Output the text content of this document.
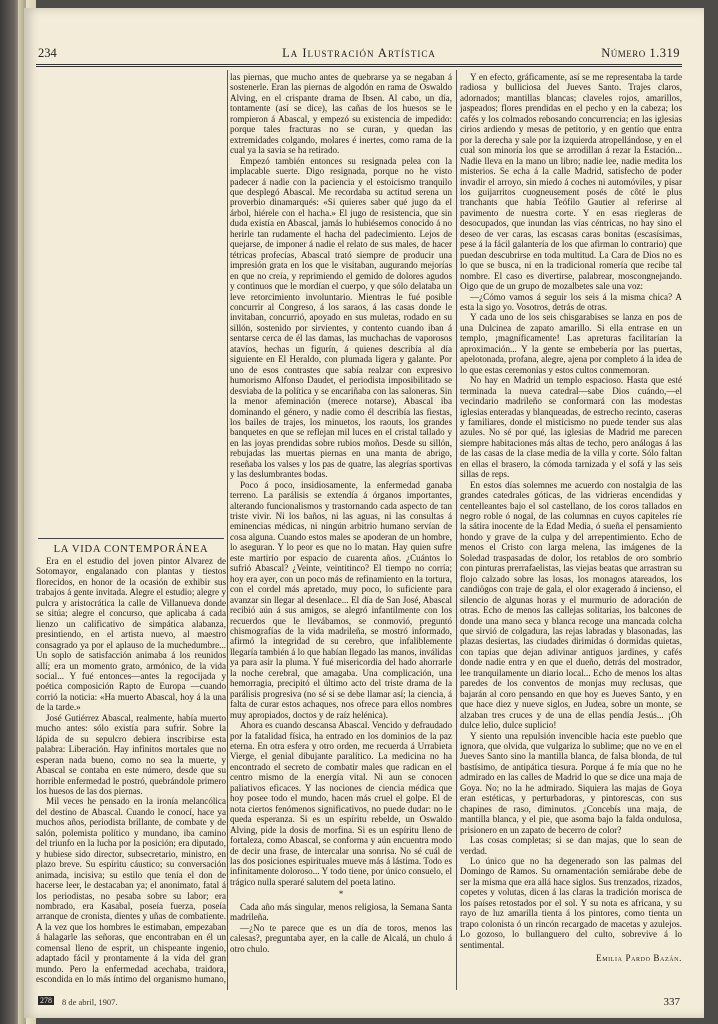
234	La Ilustración Artística	Número 1.319
LA VIDA CONTEMPORÁNEA

Era en el estudio del joven pintor Alvarez de Sotomayor, engalanado con plantas y tiestos florecidos, en honor de la ocasión de exhibir sus trabajos á gente invitada. Alegre el estudio; alegre y pulcra y aristocrática la calle de Villanueva donde se sitúa; alegre el concurso, que aplicaba á cada lienzo un calificativo de simpática alabanza, presintiendo, en el artista nuevo, al maestro consagrado ya por el aplauso de la muchedumbre... Un soplo de satisfacción animaba á los reunidos allí; era un momento grato, armónico, de la vida social... Y fué entonces—antes la regocijada y poética composición Rapto de Europa —cuando corrió la noticia: «Ha muerto Abascal, hoy á la una de la tarde.»

José Gutiérrez Abascal, realmente, había muerto mucho antes: sólo existía para sufrir. Sobre la lápida de su sepulcro debiera inscribirse esta palabra: Liberación. Hay infinitos mortales que no esperan nada bueno, como no sea la muerte, y Abascal se contaba en este número, desde que su horrible enfermedad le postró, quebrándole primero los huesos de las dos piernas.

Mil veces he pensado en la ironía melancólica del destino de Abascal. Cuando le conocí, hace ya muchos años, periodista brillante, de combate y de salón, polemista político y mundano, iba camino del triunfo en la lucha por la posición; era diputado, y hubiese sido director, subsecretario, ministro, en plazo breve. Su espíritu cáustico; su conversación animada, incisiva; su estilo que tenía el don de hacerse leer, le destacaban ya; el anonimato, fatal á los periodistas, no pesaba sobre su labor; era nombrado, era Kasabal, poseía fuerza, poseía arranque de cronista, dientes y uñas de combatiente. A la vez que los hombres le estimaban, empezaban á halagarle las señoras, que encontraban en él un comensal lleno de esprit, un chispeante ingenio, adaptado fácil y prontamente á la vida del gran mundo. Pero la enfermedad acechaba, traidora, escondida en lo más íntimo del organismo humano,

las piernas, que mucho antes de quebrarse ya se negaban á sostenerle. Eran las piernas de algodón en rama de Oswaldo Alving, en el crispante drama de Ibsen. Al cabo, un día, tontamente (así se dice), las cañas de los huesos se le rompieron á Abascal, y empezó su existencia de impedido: porque tales fracturas no se curan, y quedan las extremidades colgando, molares é inertes, como rama de la cual ya la savia se ha retirado.

Empezó también entonces su resignada pelea con la implacable suerte. Digo resignada, porque no he visto padecer á nadie con la paciencia y el estoicismo tranquilo que desplegó Abascal. Me recordaba su actitud serena un proverbio dinamarqués: «Si quieres saber qué jugo da el árbol, hiérele con el hacha.» El jugo de resistencia, que sin duda existía en Abascal, jamás lo hubiésemos conocido á no herirle tan rudamente el hacha del padecimiento. Lejos de quejarse, de imponer á nadie el relato de sus males, de hacer tétricas profecías, Abascal trató siempre de producir una impresión grata en los que le visitaban, augurando mejorías en que no creía, y reprimiendo el gemido de dolores agudos y continuos que le mordían el cuerpo, y que sólo delataba un leve retorcimiento involuntario. Mientras le fué posible concurrir al Congreso, á los saraos, á las casas donde le invitaban, concurrió, apoyado en sus muletas, rodado en su sillón, sostenido por sirvientes, y contento cuando iban á sentarse cerca de él las damas, las muchachas de vaporosos atavíos, hechas un figurín, á quienes describía al día siguiente en El Heraldo, con plumada ligera y galante. Por uno de esos contrastes que sabía realzar con expresivo humorismo Alfonso Daudet, el periodista imposibilitado se desviaba de la política y se encariñaba con las saloneras. Sin la menor afeminación (merece notarse), Abascal iba dominando el género, y nadie como él describía las fiestas, los bailes de trajes, los minuetos, los raouts, los grandes banquetes en que se reflejan mil luces en el cristal tallado y en las joyas prendidas sobre rubios moños. Desde su sillón, rebujadas las muertas piernas en una manta de abrigo, reseñaba los valses y los pas de quatre, las alegrías sportivas y las deslumbrantes bodas.

Poco á poco, insidiosamente, la enfermedad ganaba terreno. La parálisis se extendía á órganos importantes, alterando funcionalismos y trastornando cada aspecto de tan triste vivir. Ni los baños, ni las aguas, ni las consultas á eminencias médicas, ni ningún arbitrio humano servían de cosa alguna. Cuando estos males se apoderan de un hombre, lo aseguran. Y lo peor es que no lo matan. Hay quien sufre este martirio por espacio de cuarenta años. ¿Cuántos lo sufrió Abascal? ¿Veinte, veintitinco? El tiempo no corría; hoy era ayer, con un poco más de refinamiento en la tortura, con el cordel más apretado, muy poco, lo suficiente para avanzar sin llegar al desenlace... El día de San José, Abascal recibió aún á sus amigos, se alegró infantilmente con los recuerdos que le llevábamos, se conmovió, preguntó chismografías de la vida madrileña, se mostró informado, afirmó la integridad de su cerebro, que infaliblemente llegaría también á lo que habían llegado las manos, inválidas ya para asir la pluma. Y fué misericordia del hado ahorrarle la noche cerebral, que amagaba. Una complicación, una hemorragia, precipitó el último acto del triste drama de la parálisis progresiva (no sé si se debe llamar así; la ciencia, á falta de curar estos achaques, nos ofrece para ellos nombres muy apropiados, doctos y de raíz helénica).

Ahora es cuando descansa Abascal. Vencido y defraudado por la fatalidad física, ha entrado en los dominios de la paz eterna. En otra esfera y otro orden, me recuerda á Urrabieta Vierge, el genial dibujante paralítico. La medicina no ha encontrado el secreto de combatir males que radican en el centro mismo de la energía vital. Ni aun se conocen paliativos eficaces. Y las nociones de ciencia médica que hoy posee todo el mundo, hacen más cruel el golpe. El de nota ciertos fenómenos significativos, no puede dudar: no le queda esperanza. Si es un espíritu rebelde, un Oswaldo Alving, pide la dosis de morfina. Si es un espíritu lleno de fortaleza, como Abascal, se conforma y aún encuentra modo de decir una frase, de intercalar una sonrisa. No sé cuál de las dos posiciones espirituales mueve más á lástima. Todo es infinitamente doloroso... Y todo tiene, por único consuelo, el trágico nulla speraré salutem del poeta latino.

*

Cada año más singular, menos religiosa, la Semana Santa madrileña.

—¿No te parece que es un día de toros, menos las calesas?, preguntaba ayer, en la calle de Alcalá, un chulo á otro chulo.

Y en efecto, gráficamente, así se me representaba la tarde radiosa y bulliciosa del Jueves Santo. Trajes claros, adornados; mantillas blancas; claveles rojos, amarillos, jaspeados; flores prendidas en el pecho y en la cabeza; los cafés y los colmados rebosando concurrencia; en las iglesias cirios ardiendo y mesas de petitorio, y en gentío que entra por la derecha y sale por la izquierda atropellándose, y en el cual son minoría los que se arrodillan á rezar la Estación... Nadie lleva en la mano un libro; nadie lee, nadie medita los misterios. Se echa á la calle Madrid, satisfecho de poder invadir el arroyo, sin miedo á coches ni automóviles, y pisar los guijarritos cuogneusement posés de côté le plus tranchants que había Teófilo Gautier al referirse al pavimento de nuestra corte. Y en esas riegleras de desocupados, que inundan las vías céntricas, no hay sino el deseo de ver caras, las escasas caras bonitas (escasísimas, pese á la fácil galantería de los que afirman lo contrario) que puedan descubrirse en toda multitud. La Cara de Dios no es lo que se busca, ni en la tradicional romería que recibe tal nombre. El caso es divertirse, palabrear, moscongnejando. Oigo que de un grupo de mozalbetes sale una voz:

—¿Cómo vamos á seguir los seis á la misma chica? A esta la sigo yo. Vosotros, detrás de otras.

Y cada uno de los seis chisgarabises se lanza en pos de una Dulcinea de zapato amarillo. Si ella entrase en un templo, ¡magníficamente! Las apreturas facilitarían la aproximación... Y la gente se embebería por las puertas, apelotonada, profana, alegre, ajena por completo á la idea de lo que estas ceremonias y estos cultos conmemoran.

No hay en Madrid un templo espacioso. Hasta que esté terminada la nueva catedral—sabe Dios cuándo,—el vecindario madrileño se conformará con las modestas iglesias enteradas y blanqueadas, de estrecho recinto, caseras y familiares, donde el misticismo no puede tender sus alas azules. No sé por qué, las iglesias de Madrid me parecen siempre habitaciones más altas de techo, pero análogas á las de las casas de la clase media de la villa y corte. Sólo faltan en ellas el brasero, la cómoda tarnizada y el sofá y las seis sillas de reps.

En estos días solemnes me acuerdo con nostalgia de las grandes catedrales góticas, de las vidrieras encendidas y centelleantes bajo el sol castellano, de los coros tallados en negro roble ó nogal, de las columnas en cuyos capiteles ríe la sátira inocente de la Edad Media, ó sueña el pensamiento hondo y grave de la culpa y del arrepentimiento. Echo de menos el Cristo con larga melena, las imágenes de la Soledad traspasadas de dolor, los retablos de oro sombrío con pinturas prerrafaelistas, las viejas beatas que arrastran su flojo calzado sobre las losas, los monagos atareados, los candiögos con traje de gala, el olor exagerado á incienso, el silencio de algunas horas y el murmurio de adoración de otras. Echo de menos las callejas solitarias, los balcones de donde una mano seca y blanca recoge una mancada colcha que sirvió de colgadura, las rejas labradas y blasonadas, las plazas desiertas, las ciudades dirimidas ó dormidas quietas, con tapias que dejan adivinar antiguos jardines, y cafés donde nadie entra y en que el dueño, detrás del mostrador, lee tranquilamente un diario local... Echo de menos los altas paredes de los conventos de monjas muy reclusas, que bajarán al coro pensando en que hoy es Jueves Santo, y en que hace diez y nueve siglos, en Judea, sobre un monte, se alzaban tres cruces y de una de ellas pendía Jesús... ¡Oh dulce lelio, dulce suplicio!

Y siento una repulsión invencible hacia este pueblo que ignora, que olvida, que vulgariza lo sublime; que no ve en el Jueves Santo sino la mantilla blanca, de falsa blonda, de tul bastísimo, de antipática tiesura. Porque á fe mía que no he admirado en las calles de Madrid lo que se dice una maja de Goya. No; no la he admirado. Siquiera las majas de Goya eran estéticas, y perturbadoras, y pintorescas, con sus chapines de raso, diminutos. ¿Concebís una maja, de mantilla blanca, y el pie, que asoma bajo la falda ondulosa, prisionero en un zapato de becerro de color?

Las cosas completas; si se dan majas, que lo sean de verdad.

Lo único que no ha degenerado son las palmas del Domingo de Ramos. Su ornamentación semiárabe debe de ser la misma que era allá hace siglos. Sus trenzados, rizados, copetes y volutas, dicen á las claras la tradición morisca de los países retostados por el sol. Y su nota es africana, y su rayo de luz amarilla tienta á los pintores, como tienta un trapo colonista ó un rincón recargado de macetas y azulejos. Lo gozoso, lo bullanguero del culto, sobrevive á lo sentimental.

Emilia Pardo Bazán.

278 8 de abril, 1907.	337
